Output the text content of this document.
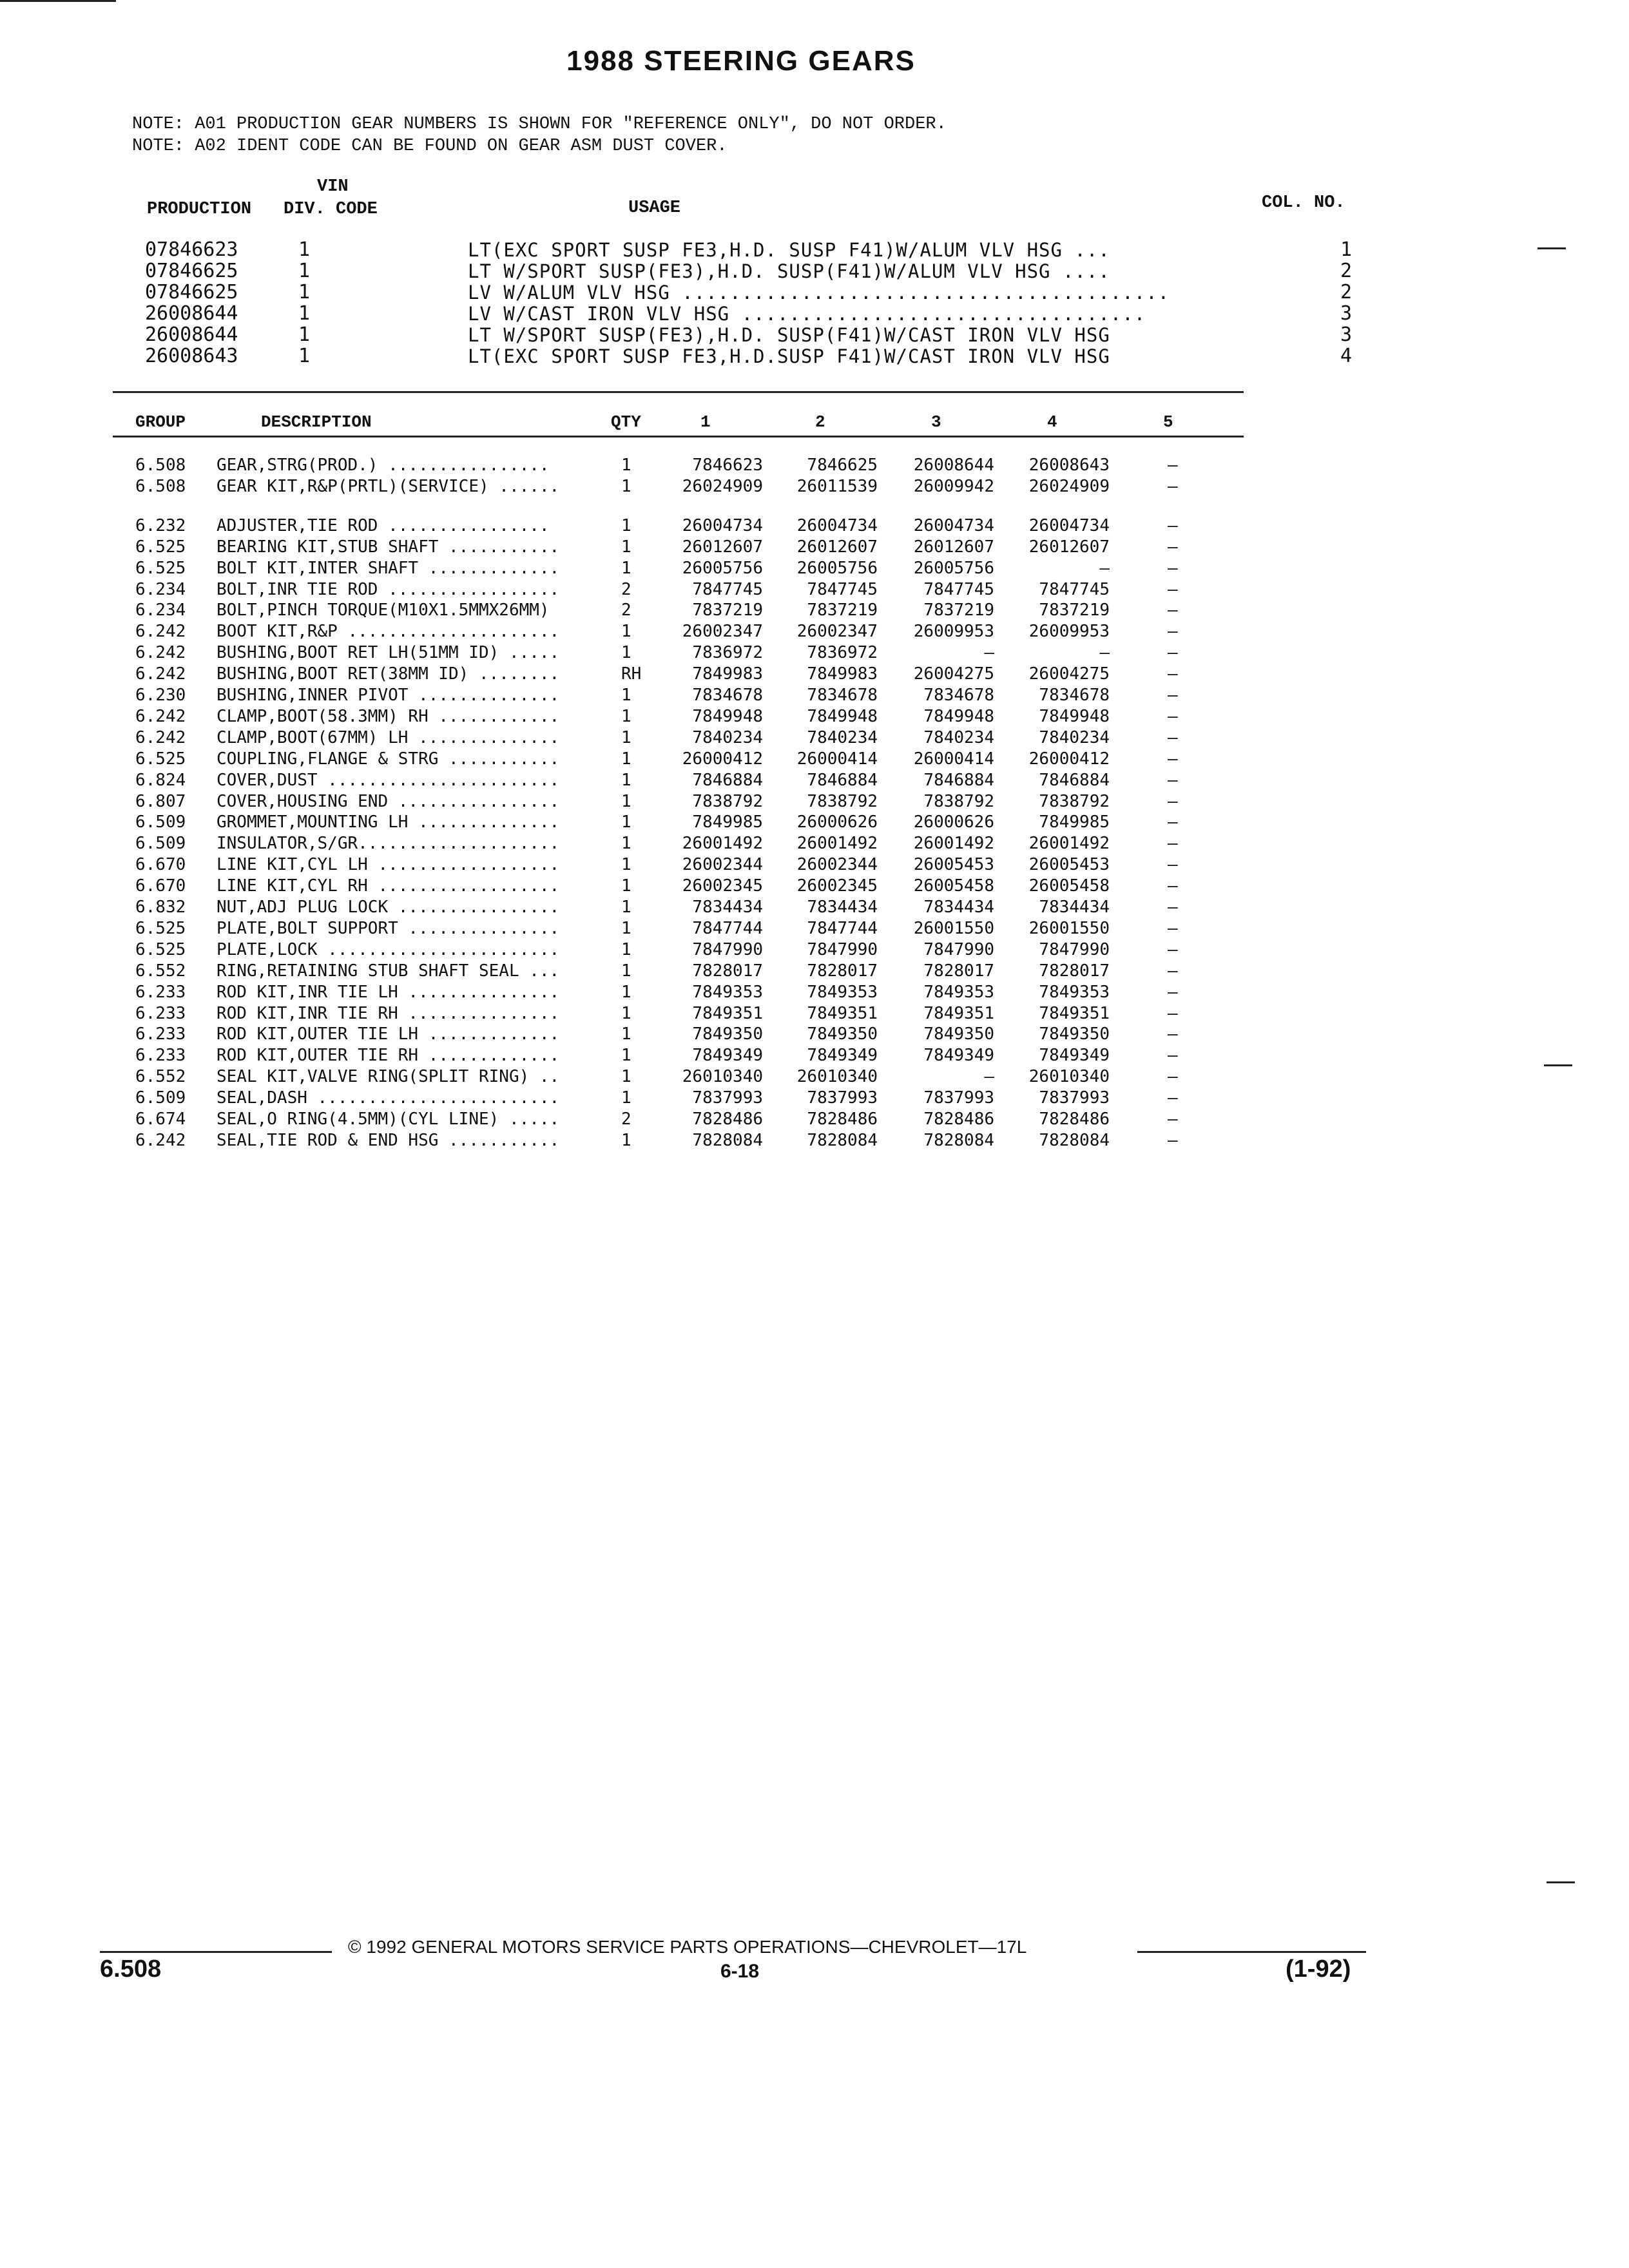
1988 STEERING GEARS
NOTE: A01 PRODUCTION GEAR NUMBERS IS SHOWN FOR "REFERENCE ONLY", DO NOT ORDER.
NOTE: A02 IDENT CODE CAN BE FOUND ON GEAR ASM DUST COVER.
VIN
PRODUCTION DIV. CODE	USAGE	COL. NO.
07846623	1	LT(EXC SPORT SUSP FE3,H.D. SUSP F41)W/ALUM VLV HSG ...	1
07846625	1	LT W/SPORT SUSP(FE3),H.D. SUSP(F41)W/ALUM VLV HSG ....	2
07846625	1	LV W/ALUM VLV HSG .........................................	2
26008644	1	LV W/CAST IRON VLV HSG ..................................	3
26008644	1	LT W/SPORT SUSP(FE3),H.D. SUSP(F41)W/CAST IRON VLV HSG	3
26008643	1	LT(EXC SPORT SUSP FE3,H.D.SUSP F41)W/CAST IRON VLV HSG	4
GROUP	DESCRIPTION	QTY	1	2	3	4	5
6.508 GEAR,STRG(PROD.) ................	1	7846623	7846625	26008644	26008643	—
6.508 GEAR KIT,R&P(PRTL)(SERVICE) ......	1	26024909	26011539	26009942	26024909	—
6.232 ADJUSTER,TIE ROD ................	1	26004734	26004734	26004734	26004734	—
6.525 BEARING KIT,STUB SHAFT ...........	1	26012607	26012607	26012607	26012607	—
6.525 BOLT KIT,INTER SHAFT .............	1	26005756	26005756	26005756	—	—
6.234 BOLT,INR TIE ROD .................	2	7847745	7847745	7847745	7847745	—
6.234 BOLT,PINCH TORQUE(M10X1.5MMX26MM)	2	7837219	7837219	7837219	7837219	—
6.242 BOOT KIT,R&P .....................	1	26002347	26002347	26009953	26009953	—
6.242 BUSHING,BOOT RET LH(51MM ID) .....	1	7836972	7836972	—	—	—
6.242 BUSHING,BOOT RET(38MM ID) ........	RH	7849983	7849983	26004275	26004275	—
6.230 BUSHING,INNER PIVOT ..............	1	7834678	7834678	7834678	7834678	—
6.242 CLAMP,BOOT(58.3MM) RH ............	1	7849948	7849948	7849948	7849948	—
6.242 CLAMP,BOOT(67MM) LH ..............	1	7840234	7840234	7840234	7840234	—
6.525 COUPLING,FLANGE & STRG ...........	1	26000412	26000414	26000414	26000412	—
6.824 COVER,DUST .......................	1	7846884	7846884	7846884	7846884	—
6.807 COVER,HOUSING END ................	1	7838792	7838792	7838792	7838792	—
6.509 GROMMET,MOUNTING LH ..............	1	7849985	26000626	26000626	7849985	—
6.509 INSULATOR,S/GR....................	1	26001492	26001492	26001492	26001492	—
6.670 LINE KIT,CYL LH ..................	1	26002344	26002344	26005453	26005453	—
6.670 LINE KIT,CYL RH ..................	1	26002345	26002345	26005458	26005458	—
6.832 NUT,ADJ PLUG LOCK ................	1	7834434	7834434	7834434	7834434	—
6.525 PLATE,BOLT SUPPORT ...............	1	7847744	7847744	26001550	26001550	—
6.525 PLATE,LOCK .......................	1	7847990	7847990	7847990	7847990	—
6.552 RING,RETAINING STUB SHAFT SEAL ...	1	7828017	7828017	7828017	7828017	—
6.233 ROD KIT,INR TIE LH ...............	1	7849353	7849353	7849353	7849353	—
6.233 ROD KIT,INR TIE RH ...............	1	7849351	7849351	7849351	7849351	—
6.233 ROD KIT,OUTER TIE LH .............	1	7849350	7849350	7849350	7849350	—
6.233 ROD KIT,OUTER TIE RH .............	1	7849349	7849349	7849349	7849349	—
6.552 SEAL KIT,VALVE RING(SPLIT RING) ..	1	26010340	26010340	—	26010340	—
6.509 SEAL,DASH ........................	1	7837993	7837993	7837993	7837993	—
6.674 SEAL,O RING(4.5MM)(CYL LINE) .....	2	7828486	7828486	7828486	7828486	—
6.242 SEAL,TIE ROD & END HSG ...........	1	7828084	7828084	7828084	7828084	—
© 1992 GENERAL MOTORS SERVICE PARTS OPERATIONS—CHEVROLET—17L
6.508	6-18	(1-92)
